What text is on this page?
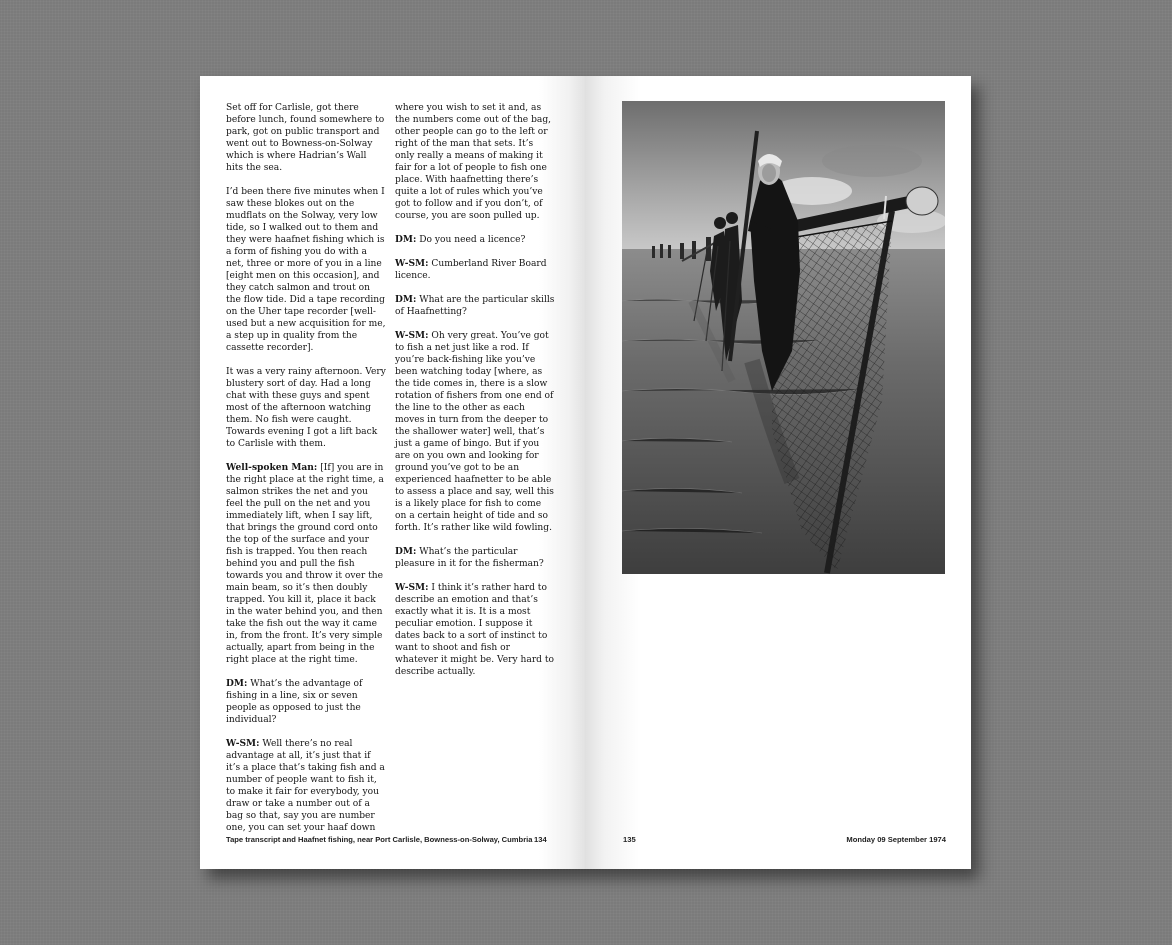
Set off for Carlisle, got there before lunch, found somewhere to park, got on public transport and went out to Bowness-on-Solway which is where Hadrian’s Wall hits the sea.

I’d been there five minutes when I saw these blokes out on the mudflats on the Solway, very low tide, so I walked out to them and they were haafnet fishing which is a form of fishing you do with a net, three or more of you in a line [eight men on this occasion], and they catch salmon and trout on the flow tide. Did a tape recording on the Uher tape recorder [well-used but a new acquisition for me, a step up in quality from the cassette recorder].

It was a very rainy afternoon. Very blustery sort of day. Had a long chat with these guys and spent most of the afternoon watching them. No fish were caught. Towards evening I got a lift back to Carlisle with them.

Well-spoken Man: [If] you are in the right place at the right time, a salmon strikes the net and you feel the pull on the net and you immediately lift, when I say lift, that brings the ground cord onto the top of the surface and your fish is trapped. You then reach behind you and pull the fish towards you and throw it over the main beam, so it’s then doubly trapped. You kill it, place it back in the water behind you, and then take the fish out the way it came in, from the front. It’s very simple actually, apart from being in the right place at the right time.

DM: What’s the advantage of fishing in a line, six or seven people as opposed to just the individual?

W-SM: Well there’s no real advantage at all, it’s just that if it’s a place that’s taking fish and a number of people want to fish it, to make it fair for everybody, you draw or take a number out of a bag so that, say you are number one, you can set your haaf down

where you wish to set it and, as the numbers come out of the bag, other people can go to the left or right of the man that sets. It’s only really a means of making it fair for a lot of people to fish one place. With haafnetting there’s quite a lot of rules which you’ve got to follow and if you don’t, of course, you are soon pulled up.

DM: Do you need a licence?

W-SM: Cumberland River Board licence.

DM: What are the particular skills of Haafnetting?

W-SM: Oh very great. You’ve got to fish a net just like a rod. If you’re back-fishing like you’ve been watching today [where, as the tide comes in, there is a slow rotation of fishers from one end of the line to the other as each moves in turn from the deeper to the shallower water] well, that’s just a game of bingo. But if you are on you own and looking for ground you’ve got to be an experienced haafnetter to be able to assess a place and say, well this is a likely place for fish to come on a certain height of tide and so forth. It’s rather like wild fowling.

DM: What’s the particular pleasure in it for the fisherman?

W-SM: I think it’s rather hard to describe an emotion and that’s exactly what it is. It is a most peculiar emotion. I suppose it dates back to a sort of instinct to want to shoot and fish or whatever it might be. Very hard to describe actually.

Tape transcript and Haafnet fishing, near Port Carlisle, Bowness-on-Solway, Cumbria 134	135	Monday 09 September 1974
